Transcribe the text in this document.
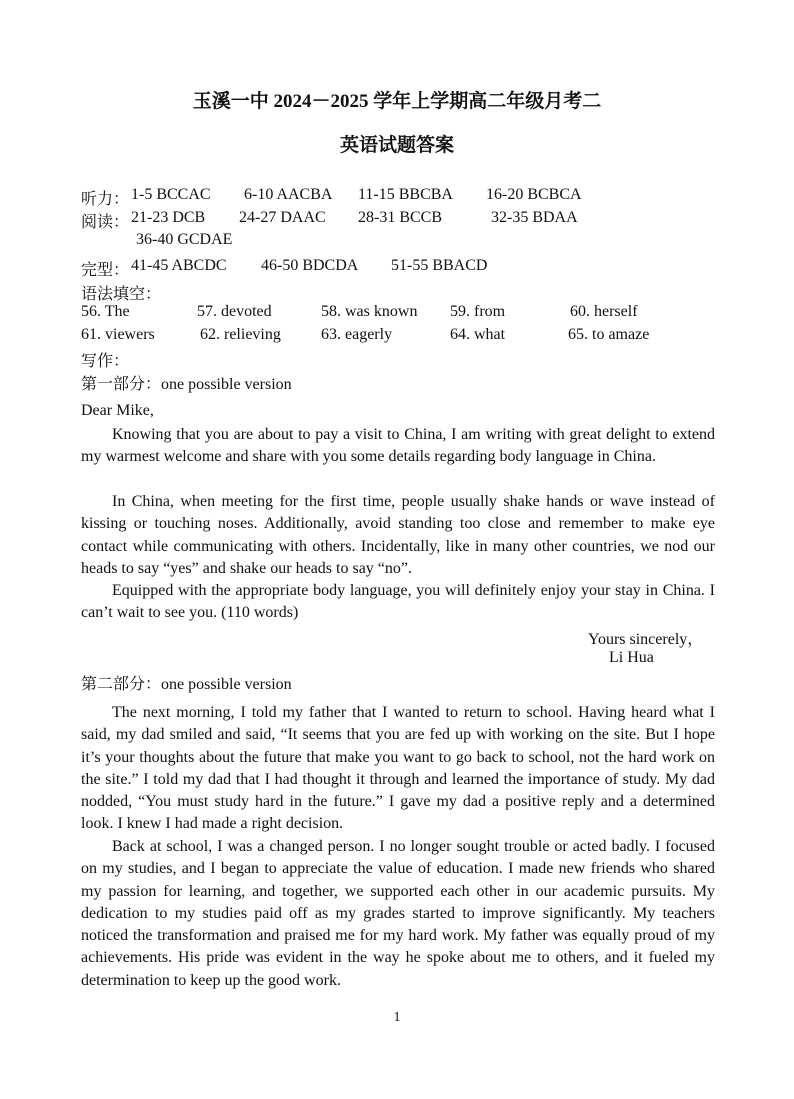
玉溪一中 2024－2025 学年上学期高二年级月考二
英语试题答案
听力： 1-5 BCCAC 6-10 AACBA 11-15 BBCBA 16-20 BCBCA
阅读： 21-23 DCB 24-27 DAAC 28-31 BCCB	32-35 BDAA
36-40 GCDAE
完型： 41-45 ABCDC 46-50 BDCDA 51-55 BBACD
语法填空：
56. The	57. devoted	58. was known 59. from	60. herself
61. viewers	62. relieving	63. eagerly	64. what	65. to amaze
写作：
第一部分：one possible version
Dear Mike,

Knowing that you are about to pay a visit to China, I am writing with great delight to extend my warmest welcome and share with you some details regarding body language in China.

In China, when meeting for the first time, people usually shake hands or wave instead of kissing or touching noses. Additionally, avoid standing too close and remember to make eye contact while communicating with others. Incidentally, like in many other countries, we nod our heads to say “yes” and shake our heads to say “no”.

Equipped with the appropriate body language, you will definitely enjoy your stay in China. I can’t wait to see you. (110 words)

Yours sincerely，
Li Hua
第二部分：one possible version

The next morning, I told my father that I wanted to return to school. Having heard what I said, my dad smiled and said, “It seems that you are fed up with working on the site. But I hope it’s your thoughts about the future that make you want to go back to school, not the hard work on the site.” I told my dad that I had thought it through and learned the importance of study. My dad nodded, “You must study hard in the future.” I gave my dad a positive reply and a determined look. I knew I had made a right decision.

Back at school, I was a changed person. I no longer sought trouble or acted badly. I focused on my studies, and I began to appreciate the value of education. I made new friends who shared my passion for learning, and together, we supported each other in our academic pursuits. My dedication to my studies paid off as my grades started to improve significantly. My teachers noticed the transformation and praised me for my hard work. My father was equally proud of my achievements. His pride was evident in the way he spoke about me to others, and it fueled my determination to keep up the good work.

1
